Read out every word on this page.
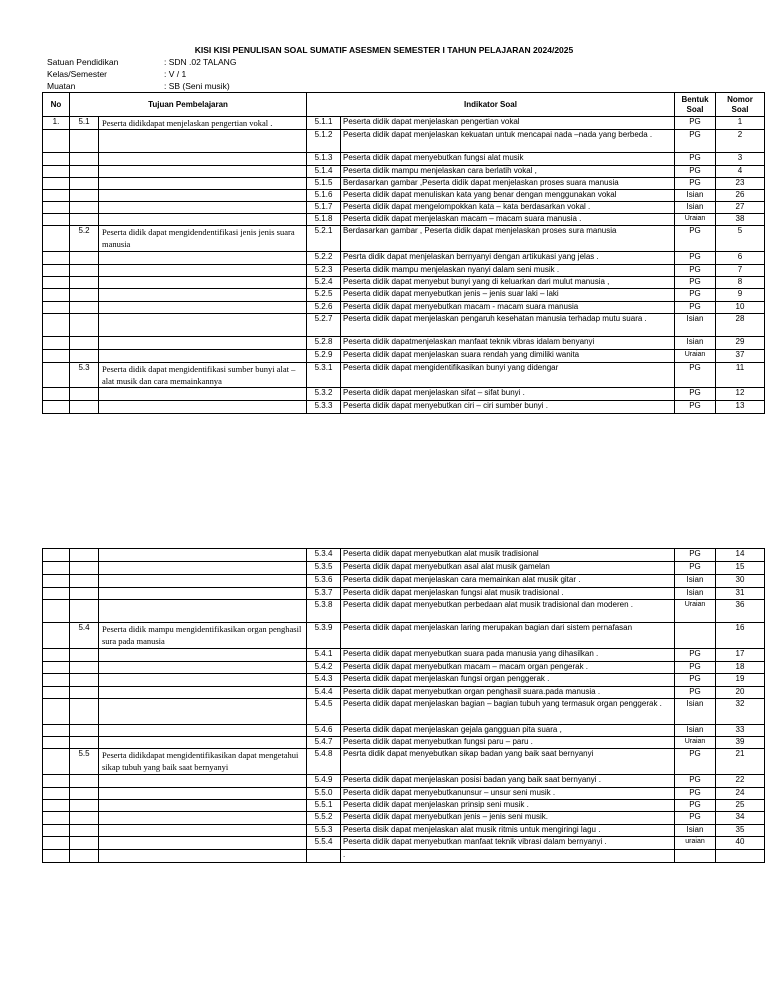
KISI KISI PENULISAN SOAL SUMATIF ASESMEN SEMESTER I TAHUN PELAJARAN 2024/2025
Satuan Pendidikan	: SDN .02 TALANG
Kelas/Semester	: V / 1
Muatan	: SB (Seni musik)
No	Tujuan Pembelajaran		Indikator Soal		Bentuk Soal	Nomor Soal
1.	5.1	Peserta didikdapat menjelaskan pengertian vokal .	5.1.1	Peserta didik dapat menjelaskan pengertian vokal	PG	1
			5.1.2	Peserta didik dapat menjelaskan kekuatan untuk mencapai nada –nada yang berbeda .	PG	2
			5.1.3	Peserta didik dapat menyebutkan fungsi alat musik	PG	3
			5.1.4	Peserta didik mampu menjelaskan cara berlatih vokal ,	PG	4
			5.1.5	Berdasarkan gambar ,Peserta didik dapat menjelaskan proses suara manusia	PG	23
			5.1.6	Peserta didik dapat menuliskan kata yang benar dengan menggunakan vokal	Isian	26
			5.1.7	Peserta didik dapat mengelompokkan kata – kata berdasarkan vokal .	Isian	27
			5.1.8	Peserta didik dapat menjelaskan macam – macam suara manusia .	Uraian	38
	5.2	Peserta didik dapat mengidendentifikasi jenis jenis suara manusia	5.2.1	Berdasarkan gambar , Peserta didik dapat menjelaskan proses sura manusia	PG	5
			5.2.2	Pesrta didik dapat menjelaskan bernyanyi dengan artikukasi yang jelas .	PG	6
			5.2.3	Peserta didik mampu menjelaskan nyanyi dalam seni musik .	PG	7
			5.2.4	Peserta didik dapat menyebut bunyi yang di keluarkan dari mulut manusia ,	PG	8
			5.2.5	Peserta didik dapat menyebutkan jenis – jenis suar laki – laki	PG	9
			5.2.6	Peserta didik dapat menyebutkan macam - macam suara manusia	PG	10
			5.2.7	Peserta didik dapat menjelaskan pengaruh kesehatan manusia terhadap mutu suara .	Isian	28
			5.2.8	Peserta didik dapatmenjelaskan manfaat teknik vibras idalam benyanyi	Isian	29
			5.2.9	Peserta didik dapat menjelaskan suara rendah yang dimiliki wanita	Uraian	37
	5.3	Peserta didik dapat mengidentifikasi sumber bunyi alat – alat musik dan cara memainkannya	5.3.1	Peserta didik dapat mengidentifikasikan bunyi yang didengar	PG	11
			5.3.2	Peserta didik dapat menjelaskan sifat – sifat bunyi .	PG	12
			5.3.3	Peserta didik dapat menyebutkan ciri – ciri sumber bunyi .	PG	13
			5.3.4	Peserta didik dapat menyebutkan alat musik tradisional	PG	14
			5.3.5	Peserta didik dapat menyebutkan asal alat musik gamelan	PG	15
			5.3.6	Peserta didik dapat menjelaskan cara memainkan alat musik gitar .	Isian	30
			5.3.7	Peserta didik dapat menjelaskan fungsi alat musik tradisional .	Isian	31
			5.3.8	Peserta didik dapat menyebutkan perbedaan alat musik tradisional dan moderen .	Uraian	36
	5.4	Peserta didik mampu mengidentifikasikan organ penghasil sura pada manusia	5.3.9	Peserta didik dapat menjelaskan laring merupakan bagian dari sistem pernafasan		16
			5.4.1	Peserta didik dapat menyebutkan suara pada manusia yang dihasilkan .	PG	17
			5.4.2	Peserta didik dapat menyebutkan macam – macam organ pengerak .	PG	18
			5.4.3	Peserta didik dapat menjelaskan fungsi organ penggerak .	PG	19
			5.4.4	Peserta didik dapat menyebutkan organ penghasil suara.pada manusia .	PG	20
			5.4.5	Peserta didik dapat menjelaskan bagian – bagian tubuh yang termasuk organ penggerak .	Isian	32
			5.4.6	Peserta didik dapat menjelaskan gejala gangguan pita suara ,	Isian	33
			5.4.7	Peserta didik dapat menyebutkan fungsi paru – paru .	Uraian	39
	5.5	Peserta didikdapat mengidentifikasikan dapat mengetahui sikap tubuh yang baik saat bernyanyi	5.4.8	Pesrta didik dapat menyebutkan sikap badan yang baik saat bernyanyi	PG	21
			5.4.9	Peserta didik dapat menjelaskan posisi badan yang baik saat bernyanyi .	PG	22
			5.5.0	Peserta didik dapat menyebutkanunsur – unsur seni musik .	PG	24
			5.5.1	Peserta didik dapat menjelaskan prinsip seni musik .	PG	25
			5.5.2	Peserta didik dapat menyebutkan jenis – jenis seni musik.	PG	34
			5.5.3	Peserta disik dapat menjelaskan alat musik ritmis untuk mengiringi lagu .	Isian	35
			5.5.4	Peserta didik dapat menyebutkan manfaat teknik vibrasi dalam bernyanyi .	uraian	40
				.		
